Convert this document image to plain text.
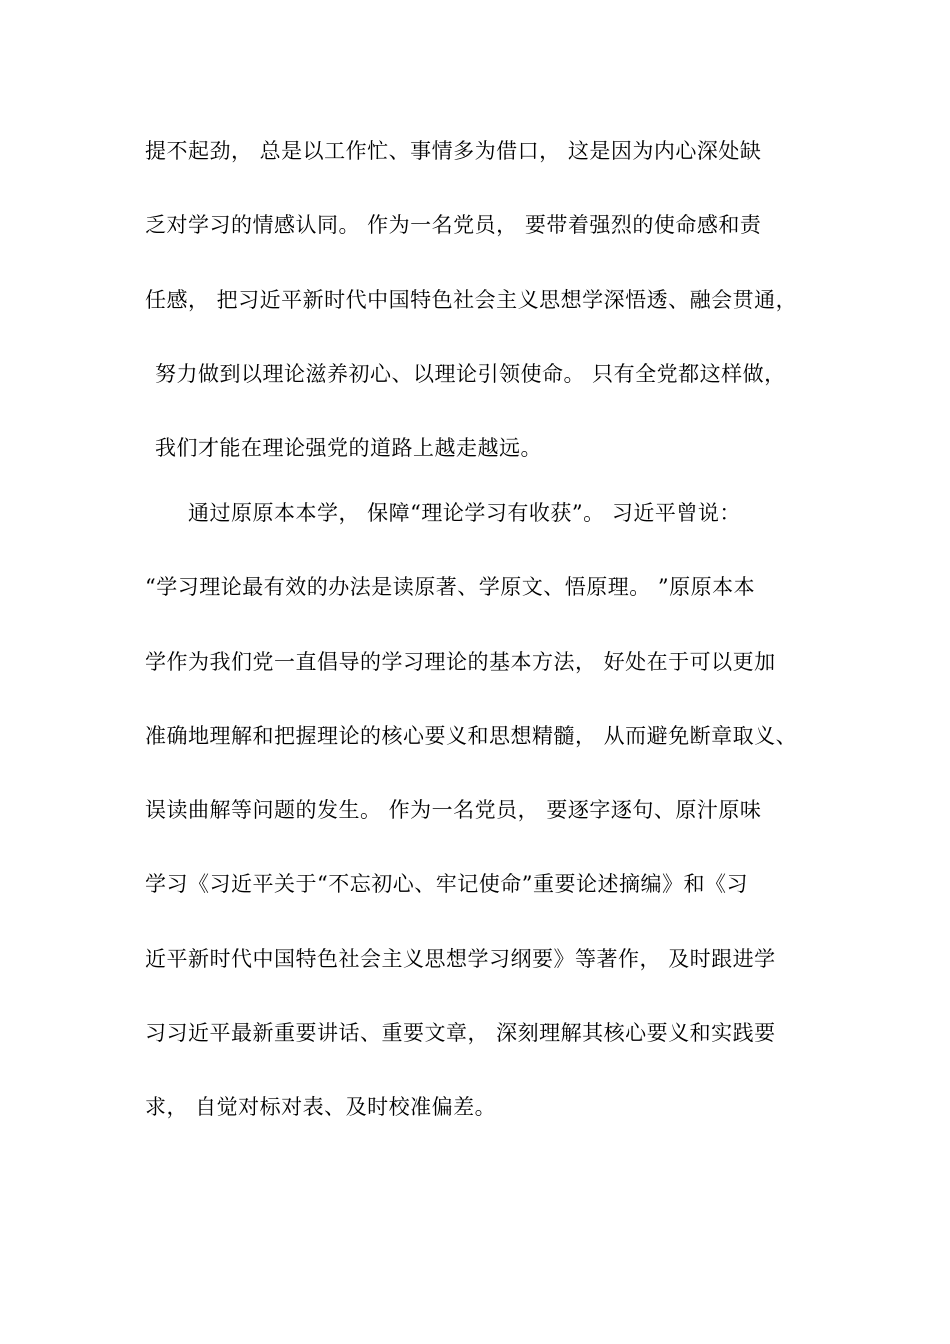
提不起劲， 总是以工作忙、事情多为借口， 这是因为内心深处缺
乏对学习的情感认同。 作为一名党员， 要带着强烈的使命感和责
任感， 把习近平新时代中国特色社会主义思想学深悟透、融会贯通，
努力做到以理论滋养初心、以理论引领使命。 只有全党都这样做，
我们才能在理论强党的道路上越走越远。
通过原原本本学， 保障“理论学习有收获”。 习近平曾说：
“学习理论最有效的办法是读原著、学原文、悟原理。 ”原原本本
学作为我们党一直倡导的学习理论的基本方法， 好处在于可以更加
准确地理解和把握理论的核心要义和思想精髓， 从而避免断章取义、
误读曲解等问题的发生。 作为一名党员， 要逐字逐句、原汁原味
学习《习近平关于“不忘初心、牢记使命”重要论述摘编》和《习
近平新时代中国特色社会主义思想学习纲要》等著作， 及时跟进学
习习近平最新重要讲话、重要文章， 深刻理解其核心要义和实践要
求， 自觉对标对表、及时校准偏差。
